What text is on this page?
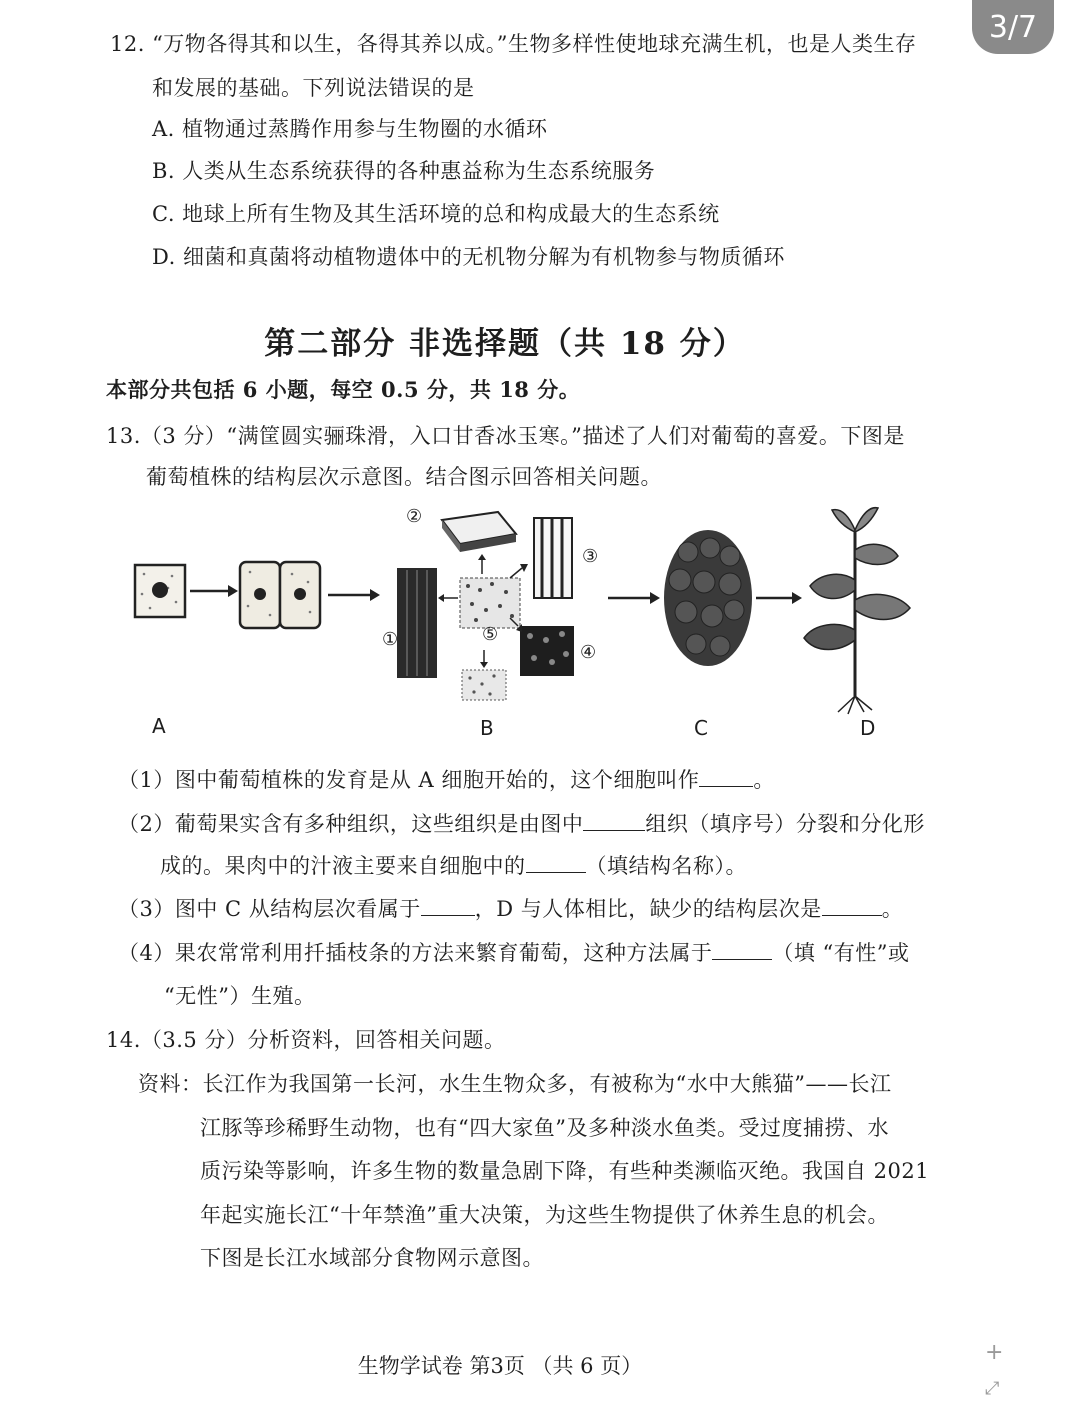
3/7
12. “万物各得其和以生，各得其养以成。”生物多样性使地球充满生机，也是人类生存
和发展的基础。下列说法错误的是
A. 植物通过蒸腾作用参与生物圈的水循环
B. 人类从生态系统获得的各种惠益称为生态系统服务
C. 地球上所有生物及其生活环境的总和构成最大的生态系统
D. 细菌和真菌将动植物遗体中的无机物分解为有机物参与物质循环
第二部分 非选择题（共 18 分）
本部分共包括 6 小题，每空 0.5 分，共 18 分。
13.（3 分）“满筐圆实骊珠滑，入口甘香冰玉寒。”描述了人们对葡萄的喜爱。下图是
葡萄植株的结构层次示意图。结合图示回答相关问题。
①	⑤
②
③
④
A	B	C	D
（1）图中葡萄植株的发育是从 A 细胞开始的，这个细胞叫作	。
（2）葡萄果实含有多种组织，这些组织是由图中	组织（填序号）分裂和分化形
成的。果肉中的汁液主要来自细胞中的	（填结构名称）。
（3）图中 C 从结构层次看属于	，D 与人体相比，缺少的结构层次是	。
（4）果农常常利用扦插枝条的方法来繁育葡萄，这种方法属于	（填 “有性”或
“无性”）生殖。
14.（3.5 分）分析资料，回答相关问题。
资料：长江作为我国第一长河，水生生物众多，有被称为“水中大熊猫”——长江
江豚等珍稀野生动物，也有“四大家鱼”及多种淡水鱼类。受过度捕捞、水
质污染等影响，许多生物的数量急剧下降，有些种类濒临灭绝。我国自 2021
年起实施长江“十年禁渔”重大决策，为这些生物提供了休养生息的机会。
下图是长江水域部分食物网示意图。
生物学试卷 第3页 （共 6 页）
+
⤢
